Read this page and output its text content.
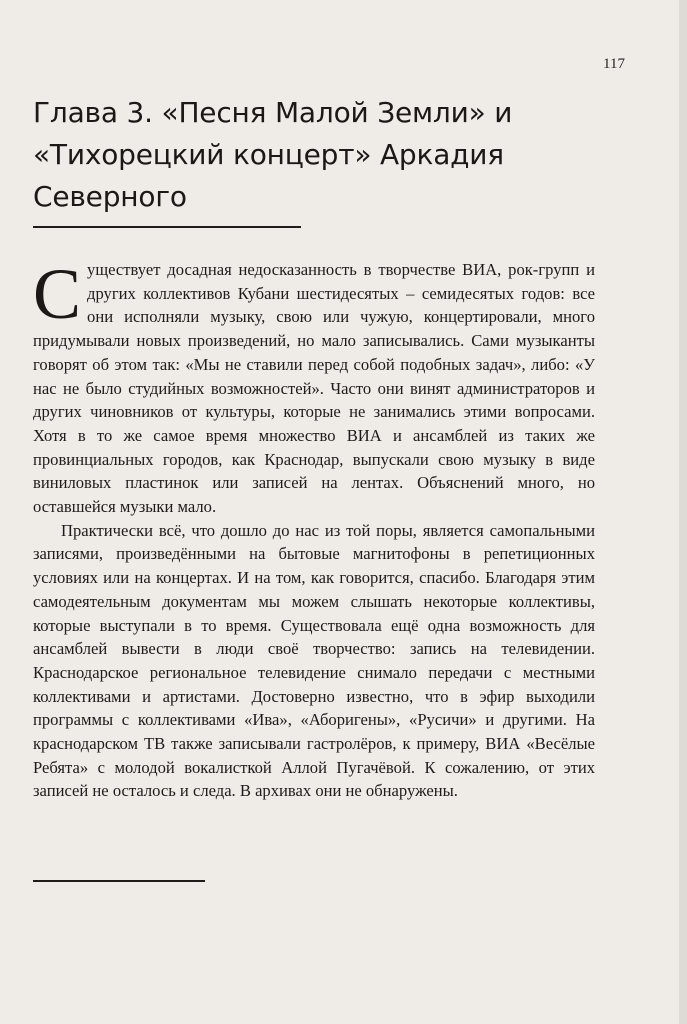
117
Глава 3. «Песня Малой Земли» и «Тихорецкий концерт» Аркадия Северного

Существует досадная недосказанность в творчестве ВИА, рок-групп и других коллективов Кубани шестидесятых – семидесятых годов: все они исполняли музыку, свою или чужую, концертировали, много придумывали новых произведений, но мало записывались. Сами музыканты говорят об этом так: «Мы не ставили перед собой подобных задач», либо: «У нас не было студийных возможностей». Часто они винят администраторов и других чиновников от культуры, которые не занимались этими вопросами. Хотя в то же самое время множество ВИА и ансамблей из таких же провинциальных городов, как Краснодар, выпускали свою музыку в виде виниловых пластинок или записей на лентах. Объяснений много, но оставшейся музыки мало.

Практически всё, что дошло до нас из той поры, является самопальными записями, произведёнными на бытовые магнитофоны в репетиционных условиях или на концертах. И на том, как говорится, спасибо. Благодаря этим самодеятельным документам мы можем слышать некоторые коллективы, которые выступали в то время. Существовала ещё одна возможность для ансамблей вывести в люди своё творчество: запись на телевидении. Краснодарское региональное телевидение снимало передачи с местными коллективами и артистами. Достоверно известно, что в эфир выходили программы с коллективами «Ива», «Аборигены», «Русичи» и другими. На краснодарском ТВ также записывали гастролёров, к примеру, ВИА «Весёлые Ребята» с молодой вокалисткой Аллой Пугачёвой. К сожалению, от этих записей не осталось и следа. В архивах они не обнаружены.
